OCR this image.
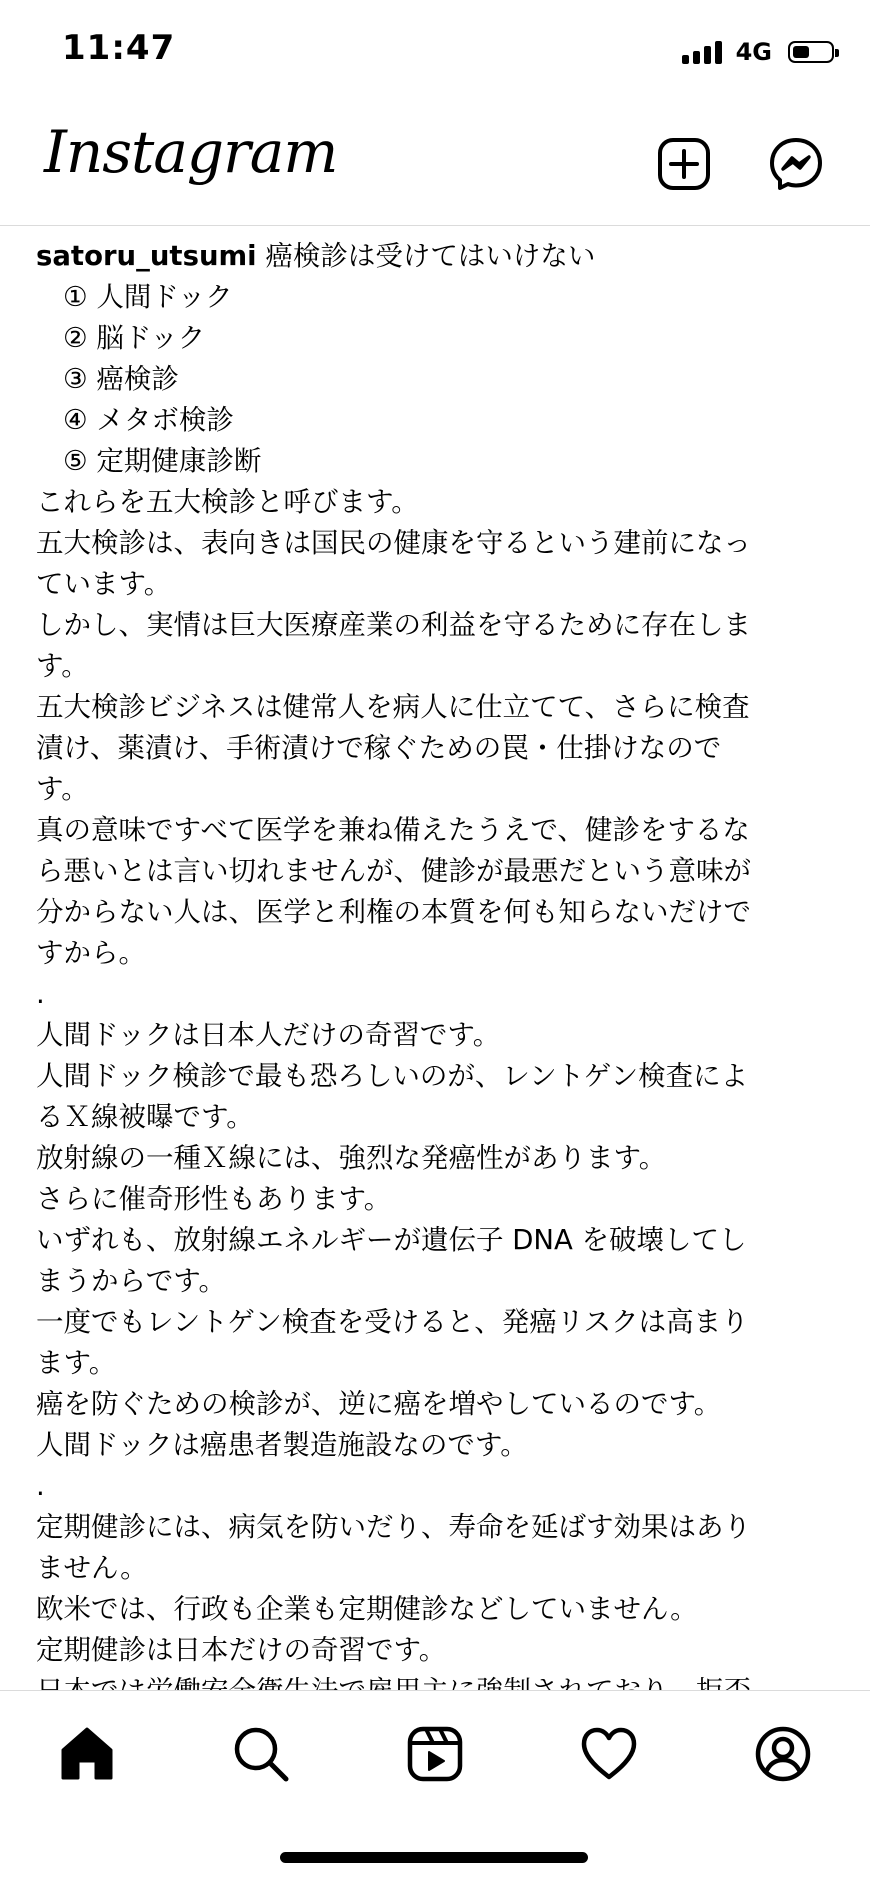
11:47	4G
Instagram

satoru_utsumi 癌検診は受けてはいけない

① 人間ドック

② 脳ドック

③ 癌検診

④ メタボ検診

⑤ 定期健康診断

これらを五大検診と呼びます。

五大検診は、表向きは国民の健康を守るという建前になっ

ています。

しかし、実情は巨大医療産業の利益を守るために存在しま

す。

五大検診ビジネスは健常人を病人に仕立てて、さらに検査

漬け、薬漬け、手術漬けで稼ぐための罠・仕掛けなので

す。

真の意味ですべて医学を兼ね備えたうえで、健診をするな

ら悪いとは言い切れませんが、健診が最悪だという意味が

分からない人は、医学と利権の本質を何も知らないだけで

すから。

.

人間ドックは日本人だけの奇習です。

人間ドック検診で最も恐ろしいのが、レントゲン検査によ

るＸ線被曝です。

放射線の一種Ｘ線には、強烈な発癌性があります。

さらに催奇形性もあります。

いずれも、放射線エネルギーが遺伝子 DNA を破壊してし

まうからです。

一度でもレントゲン検査を受けると、発癌リスクは高まり

ます。

癌を防ぐための検診が、逆に癌を増やしているのです。

人間ドックは癌患者製造施設なのです。

.

定期健診には、病気を防いだり、寿命を延ばす効果はあり

ません。

欧米では、行政も企業も定期健診などしていません。

定期健診は日本だけの奇習です。
